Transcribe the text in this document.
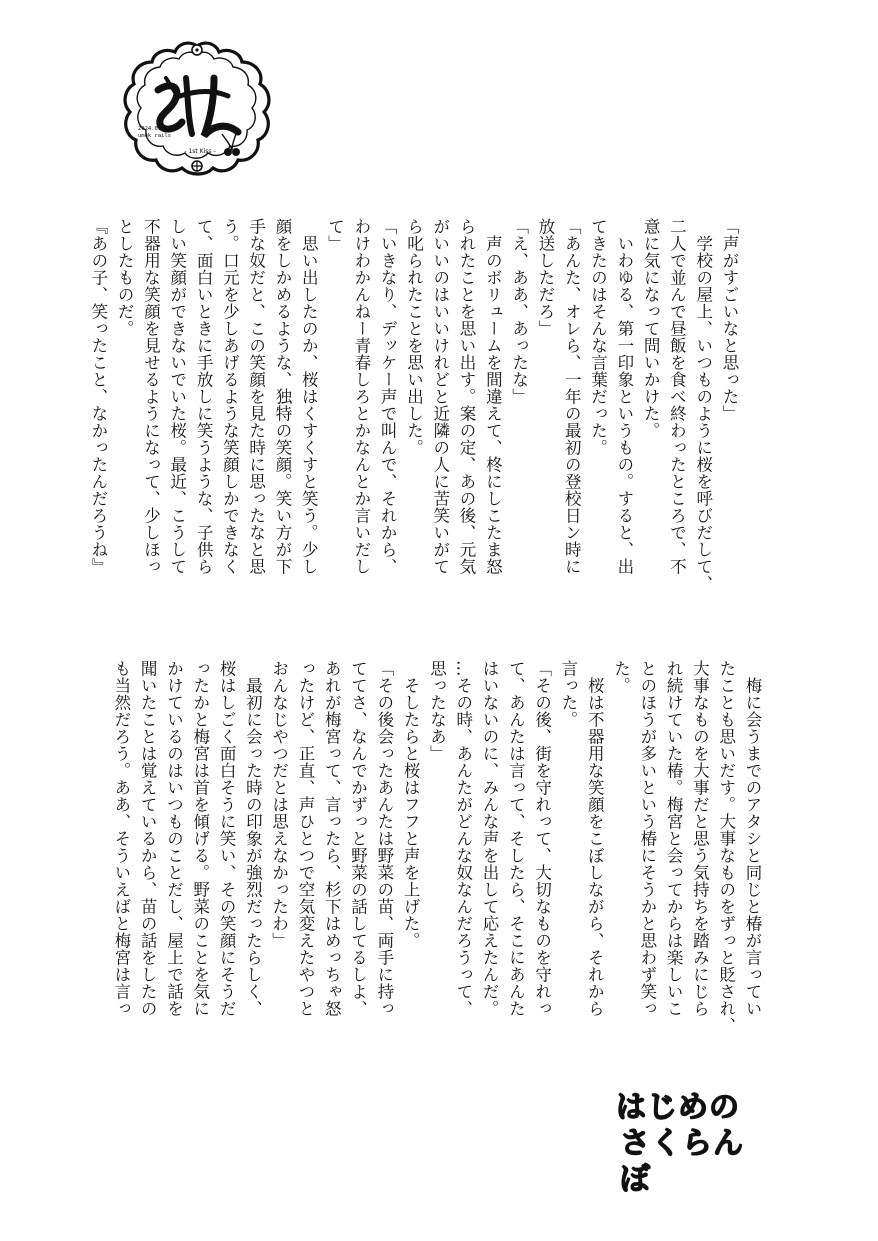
2024.09.01
umek rails
- 1st Kiss -
「声がすごいなと思った」
　学校の屋上、いつものように桜を呼びだして、
二人で並んで昼飯を食べ終わったところで、不
意に気になって問いかけた。
　いわゆる、第一印象というもの。すると、出
てきたのはそんな言葉だった。
「あんた、オレら、一年の最初の登校日ン時に
放送しただろ」
「え、ああ、あったな」
　声のボリュームを間違えて、柊にしこたま怒
られたことを思い出す。案の定、あの後、元気
がいいのはいいけれどと近隣の人に苦笑いがて
ら叱られたことを思い出した。
「いきなり、デッケー声で叫んで、それから、
わけわかんねー青春しろとかなんとか言いだし
て」
　思い出したのか、桜はくすくすと笑う。少し
顔をしかめるような、独特の笑顔。笑い方が下
手な奴だと、この笑顔を見た時に思ったなと思
う。口元を少しあげるような笑顔しかできなく
て、面白いときに手放しに笑うような、子供ら
しい笑顔ができないでいた桜。最近、こうして
不器用な笑顔を見せるようになって、少しほっ
としたものだ。
『あの子、笑ったこと、なかったんだろうね』
　梅に会うまでのアタシと同じと椿が言ってい
たことも思いだす。大事なものをずっと貶され、
大事なものを大事だと思う気持ちを踏みにじら
れ続けていた椿。梅宮と会ってからは楽しいこ
とのほうが多いという椿にそうかと思わず笑っ
た。
　桜は不器用な笑顔をこぼしながら、それから
言った。
「その後、街を守れって、大切なものを守れっ
て、あんたは言って、そしたら、そこにあんた
はいないのに、みんな声を出して応えたんだ。
…その時、あんたがどんな奴なんだろうって、
思ったなあ」
　そしたらと桜はフフと声を上げた。
「その後会ったあんたは野菜の苗、両手に持っ
ててさ、なんでかずっと野菜の話してるしよ、
あれが梅宮って、言ったら、杉下はめっちゃ怒
ったけど、正直、声ひとつで空気変えたやつと
おんなじやつだとは思えなかったわ」
　最初に会った時の印象が強烈だったらしく、
桜はしごく面白そうに笑い、その笑顔にそうだ
ったかと梅宮は首を傾げる。野菜のことを気に
かけているのはいつものことだし、屋上で話を
聞いたことは覚えているから、苗の話をしたの
も当然だろう。ああ、そういえばと梅宮は言っ
はじめの
さくらんぼ
